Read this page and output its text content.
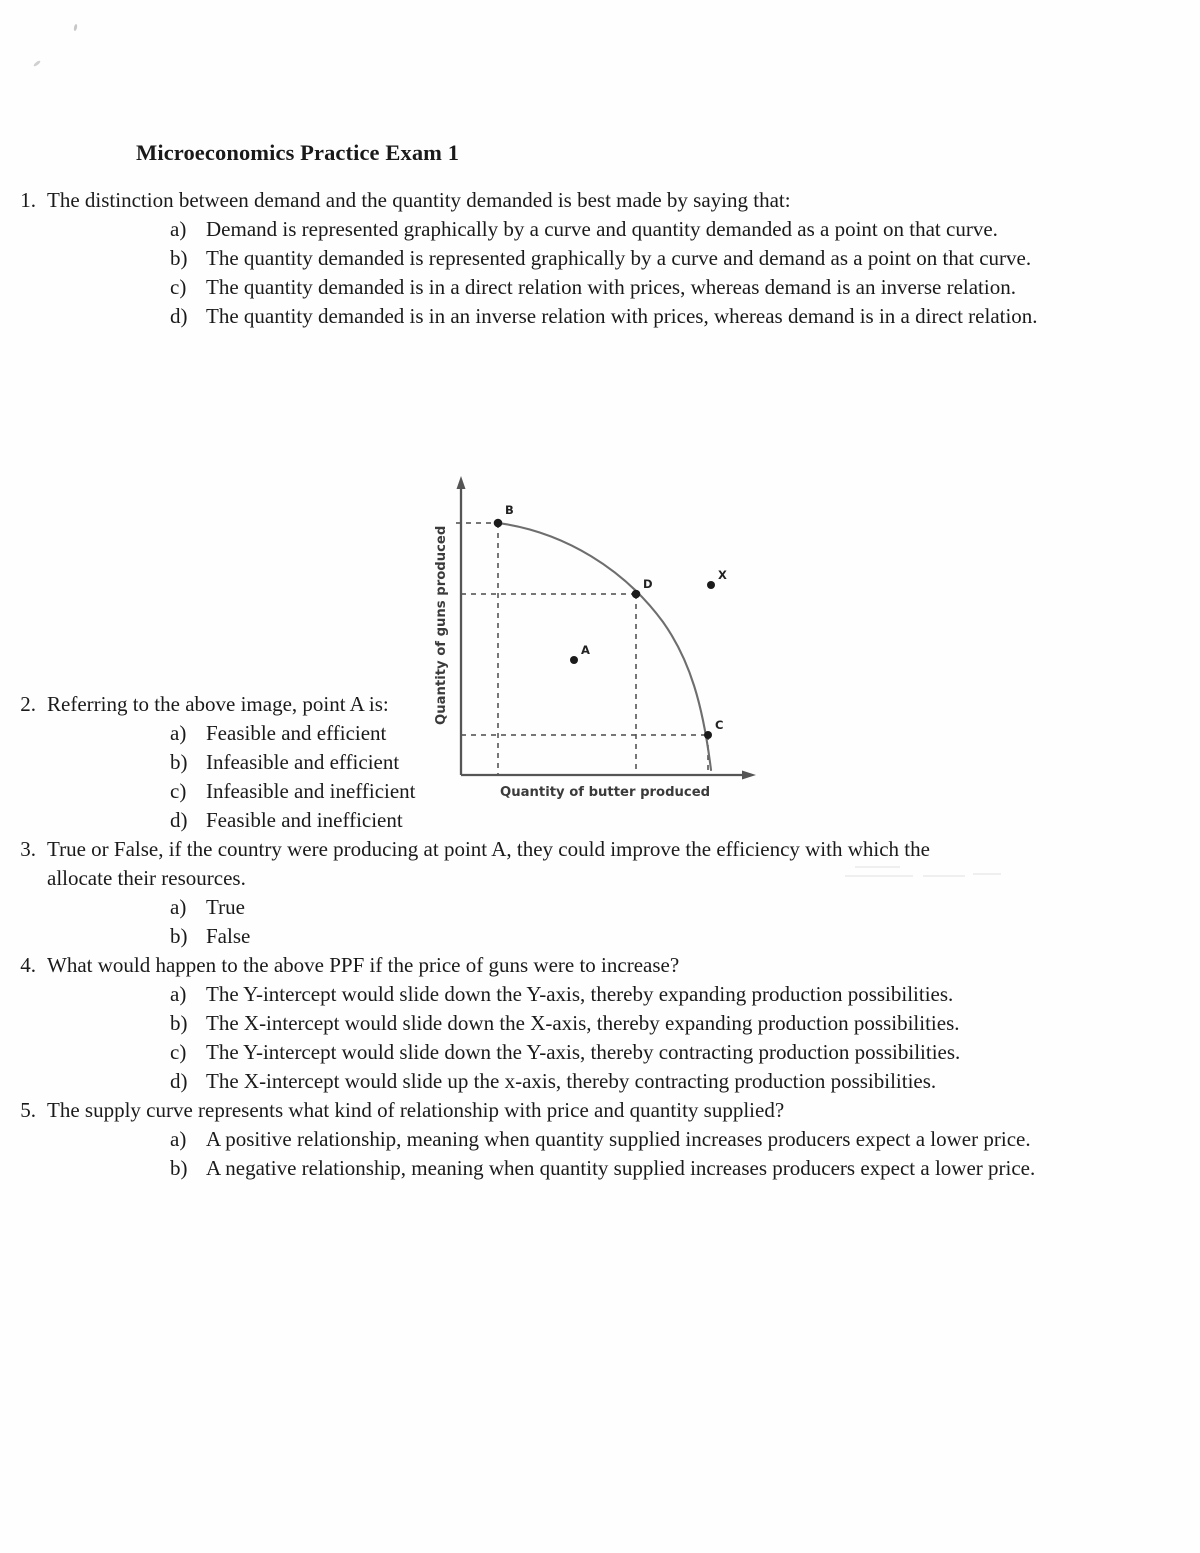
Microeconomics Practice Exam 1
1. The distinction between demand and the quantity demanded is best made by saying that:
a) Demand is represented graphically by a curve and quantity demanded as a point on that curve.
b) The quantity demanded is represented graphically by a curve and demand as a point on that curve.
c) The quantity demanded is in a direct relation with prices, whereas demand is an inverse relation.
d) The quantity demanded is in an inverse relation with prices, whereas demand is in a direct relation.
2. Referring to the above image, point A is:
a) Feasible and efficient
b) Infeasible and efficient
c) Infeasible and inefficient
d) Feasible and inefficient
3. True or False, if the country were producing at point A, they could improve the efficiency with which the allocate their resources.
a) True
b) False
4. What would happen to the above PPF if the price of guns were to increase?
a) The Y-intercept would slide down the Y-axis, thereby expanding production possibilities.
b) The X-intercept would slide down the X-axis, thereby expanding production possibilities.
c) The Y-intercept would slide down the Y-axis, thereby contracting production possibilities.
d) The X-intercept would slide up the x-axis, thereby contracting production possibilities.
5. The supply curve represents what kind of relationship with price and quantity supplied?
a) A positive relationship, meaning when quantity supplied increases producers expect a lower price.
b) A negative relationship, meaning when quantity supplied increases producers expect a lower price.
B
D
C
A
X
Quantity of butter produced
Quantity of guns produced
